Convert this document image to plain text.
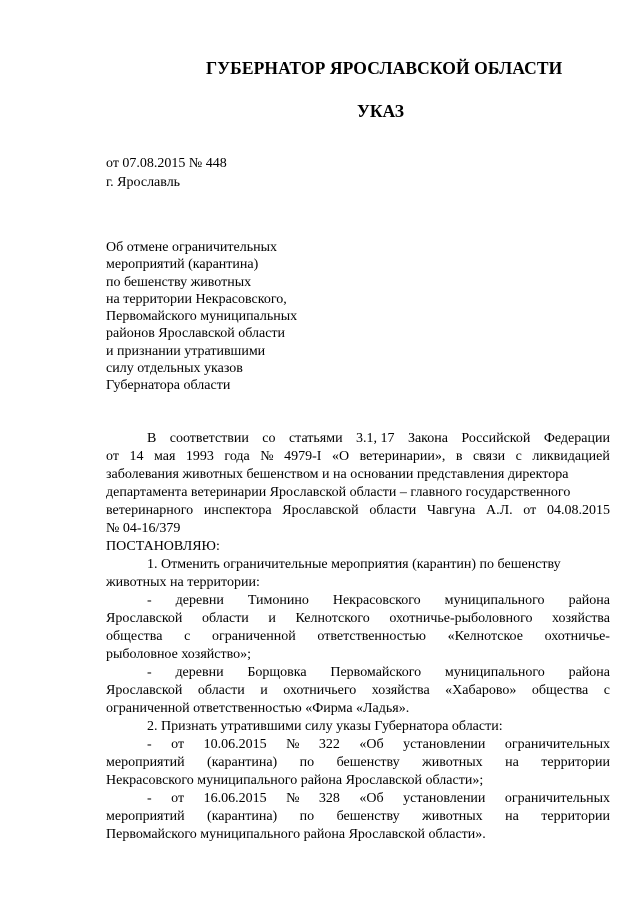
ГУБЕРНАТОР ЯРОСЛАВСКОЙ ОБЛАСТИ
УКАЗ
от 07.08.2015 № 448
г. Ярославль
Об отмене ограничительных
мероприятий (карантина)
по бешенству животных
на территории Некрасовского,
Первомайского муниципальных
районов Ярославской области
и признании утратившими
силу отдельных указов
Губернатора области
В соответствии со статьями 3.1, 17 Закона Российской Федерации
от 14 мая 1993 года № 4979-I «О ветеринарии», в связи с ликвидацией
заболевания животных бешенством и на основании представления директора
департамента ветеринарии Ярославской области – главного государственного
ветеринарного инспектора Ярославской области Чавгуна А.Л. от 04.08.2015
№ 04-16/379
ПОСТАНОВЛЯЮ:
1. Отменить ограничительные мероприятия (карантин) по бешенству
животных на территории:
- деревни Тимонино Некрасовского муниципального района
Ярославской области и Келнотского охотничье-рыболовного хозяйства
общества с ограниченной ответственностью «Келнотское охотничье-
рыболовное хозяйство»;
- деревни Борщовка Первомайского муниципального района
Ярославской области и охотничьего хозяйства «Хабарово» общества с
ограниченной ответственностью «Фирма «Ладья».
2. Признать утратившими силу указы Губернатора области:
- от 10.06.2015 № 322 «Об установлении ограничительных
мероприятий (карантина) по бешенству животных на территории
Некрасовского муниципального района Ярославской области»;
- от 16.06.2015 № 328 «Об установлении ограничительных
мероприятий (карантина) по бешенству животных на территории
Первомайского муниципального района Ярославской области».
